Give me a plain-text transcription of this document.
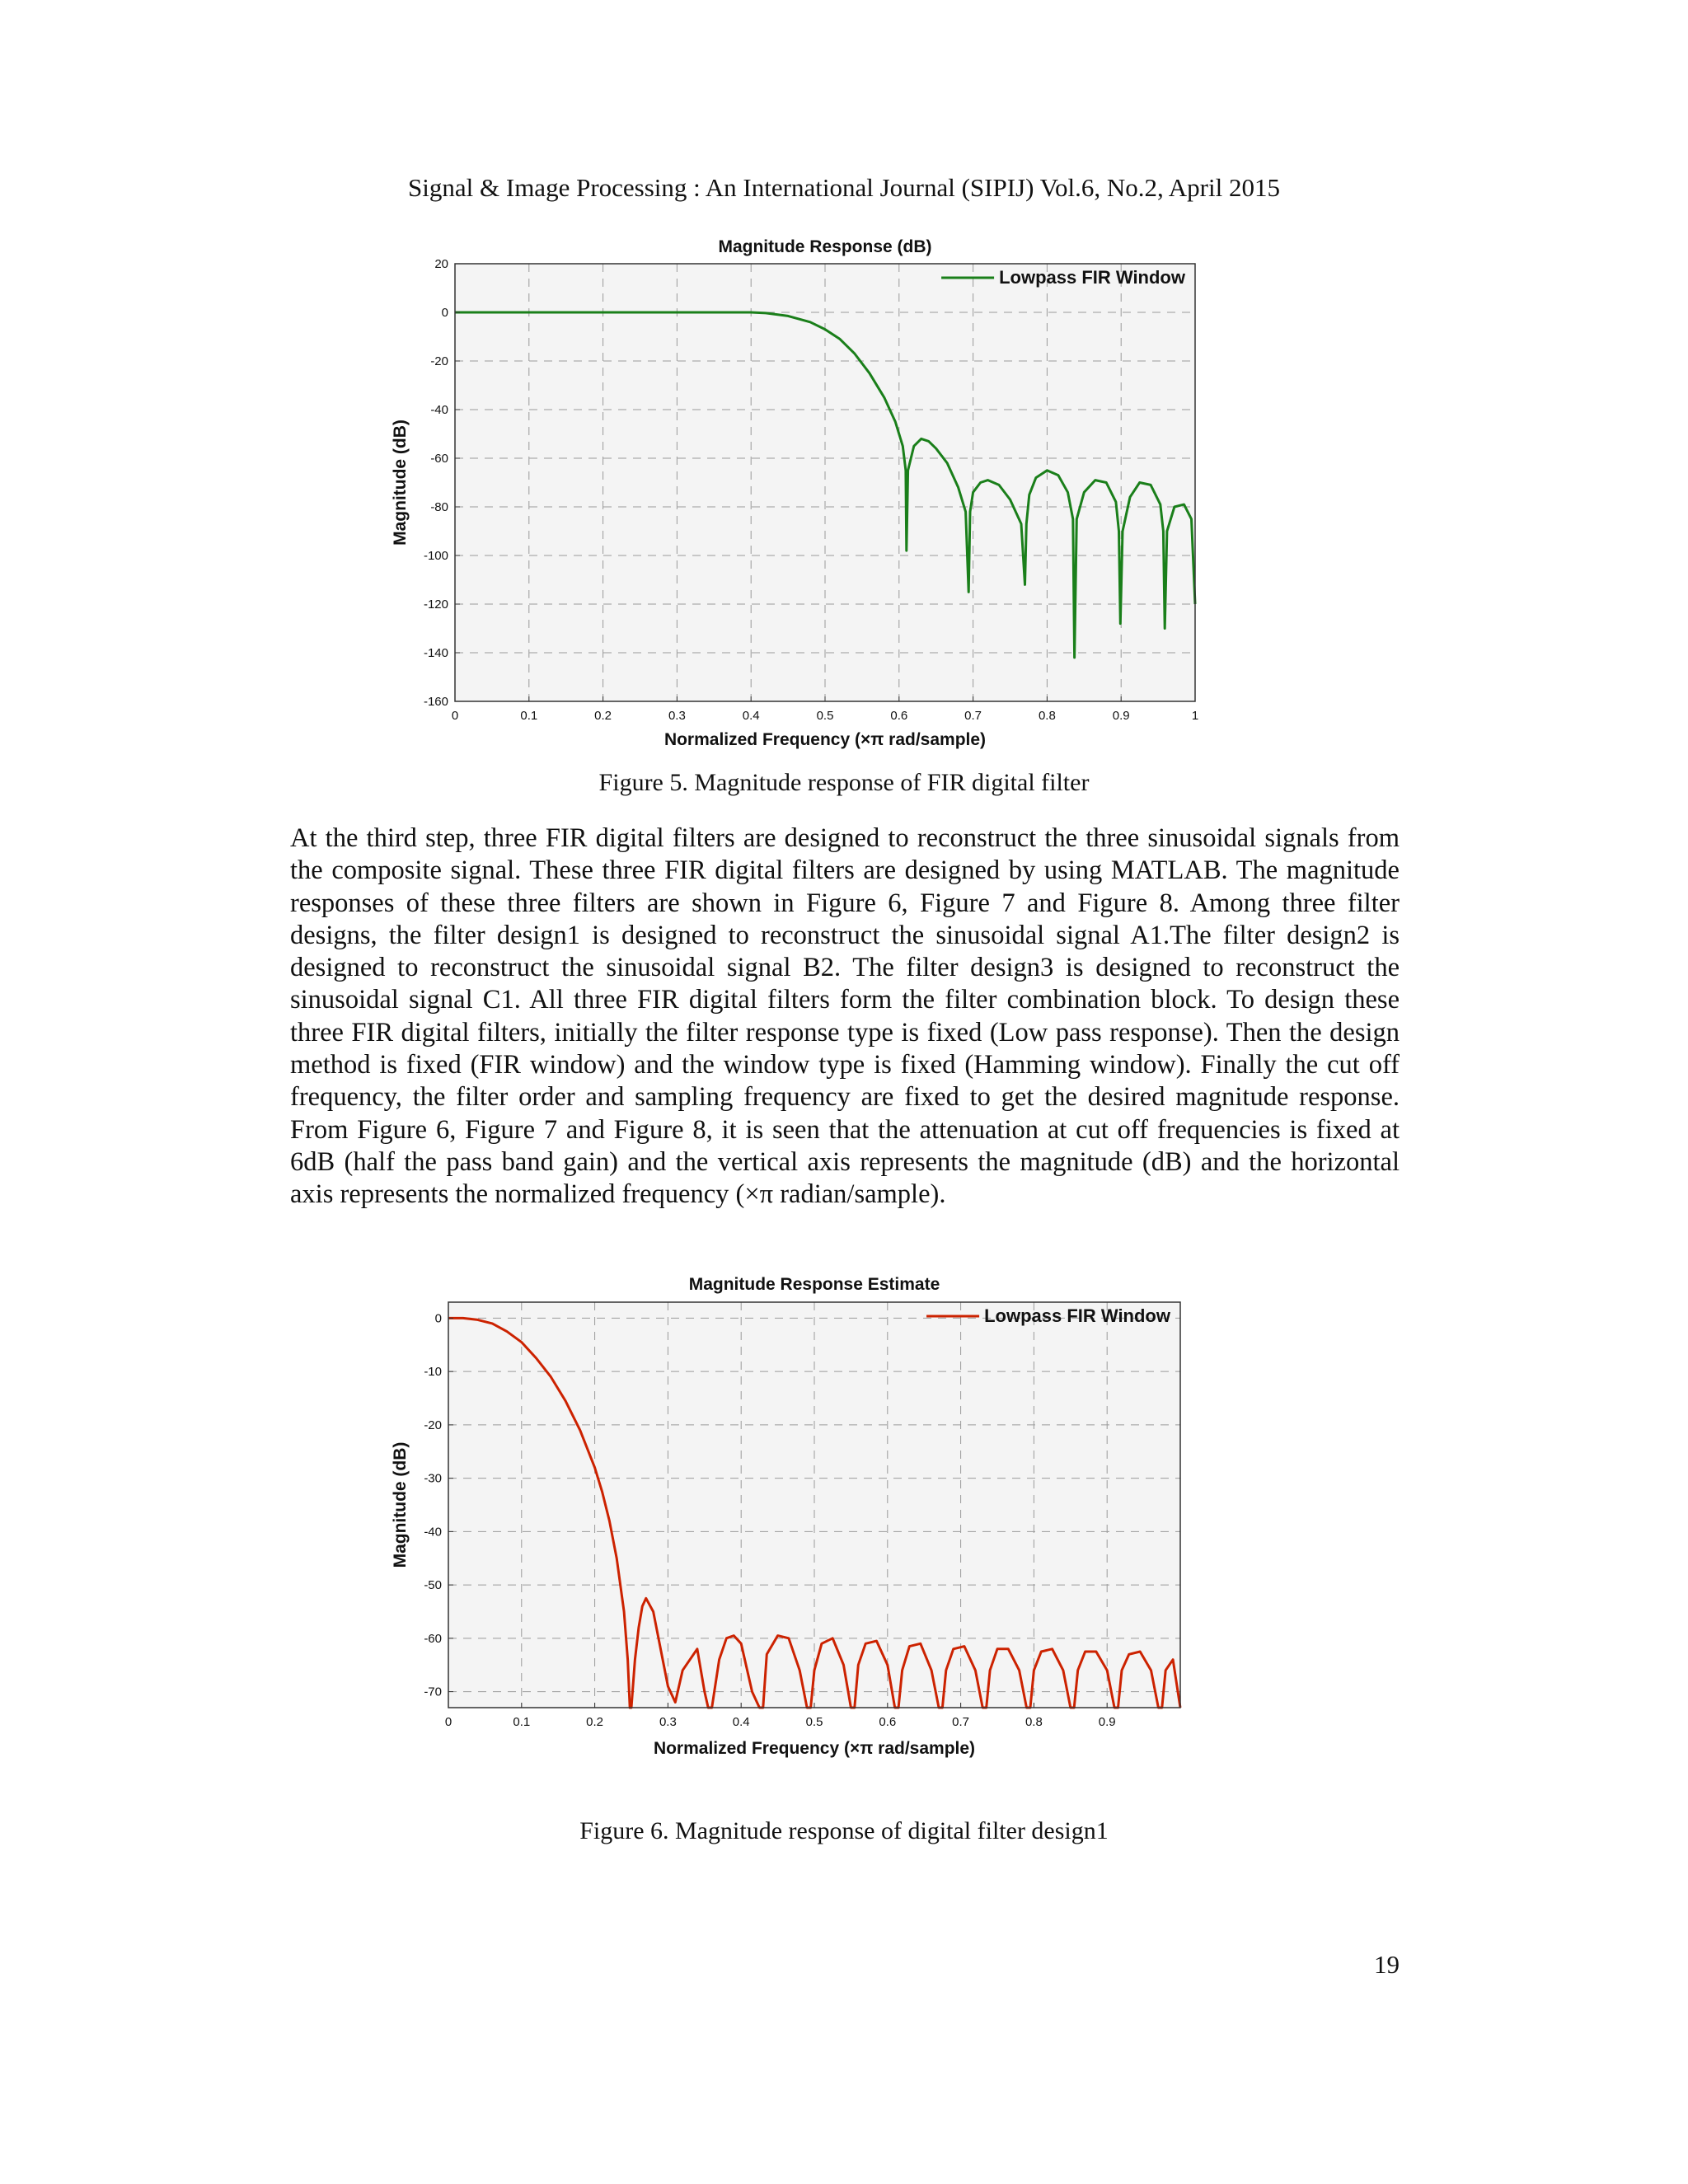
Signal & Image Processing : An International Journal (SIPIJ) Vol.6, No.2, April 2015
0	0.1	0.2	0.3	0.4	0.5	0.6	0.7	0.8	0.9	1
20
0
-20
-40
-60
-80
-100
-120
-140
-160
Magnitude Response (dB)
Normalized Frequency (×π rad/sample)
Magnitude (dB)
Lowpass FIR Window
Figure 5. Magnitude response of FIR digital filter

At the third step, three FIR digital filters are designed to reconstruct the three sinusoidal signals from the composite signal. These three FIR digital filters are designed by using MATLAB. The magnitude responses of these three filters are shown in Figure 6, Figure 7 and Figure 8. Among three filter designs, the filter design1 is designed to reconstruct the sinusoidal signal A1.The filter design2 is designed to reconstruct the sinusoidal signal B2. The filter design3 is designed to reconstruct the sinusoidal signal C1. All three FIR digital filters form the filter combination block. To design these three FIR digital filters, initially the filter response type is fixed (Low pass response). Then the design method is fixed (FIR window) and the window type is fixed (Hamming window). Finally the cut off frequency, the filter order and sampling frequency are fixed to get the desired magnitude response. From Figure 6, Figure 7 and Figure 8, it is seen that the attenuation at cut off frequencies is fixed at 6dB (half the pass band gain) and the vertical axis represents the magnitude (dB) and the horizontal axis represents the normalized frequency (×π radian/sample).

0	0.1	0.2	0.3	0.4	0.5	0.6	0.7	0.8	0.9
0
-10
-20
-30
-40
-50
-60
-70
Magnitude Response Estimate
Normalized Frequency (×π rad/sample)
Magnitude (dB)
Lowpass FIR Window
Figure 6. Magnitude response of digital filter design1
19
